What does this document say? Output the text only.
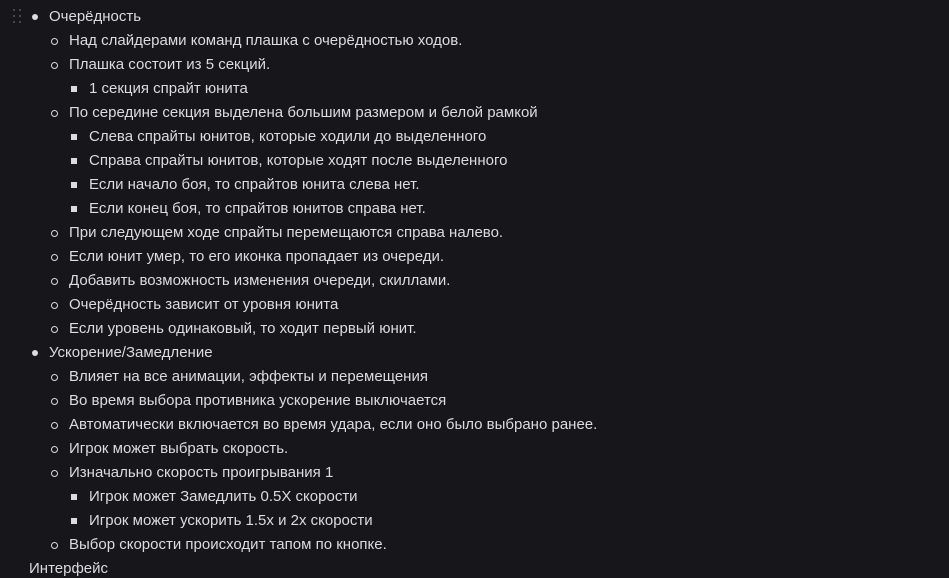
Очерёдность
Над слайдерами команд плашка с очерёдностью ходов.
Плашка состоит из 5 секций.
1 секция спрайт юнита
По середине секция выделена большим размером и белой рамкой
Слева спрайты юнитов, которые ходили до выделенного
Справа спрайты юнитов, которые ходят после выделенного
Если начало боя, то спрайтов юнита слева нет.
Если конец боя, то спрайтов юнитов справа нет.
При следующем ходе спрайты перемещаются справа налево.
Если юнит умер, то его иконка пропадает из очереди.
Добавить возможность изменения очереди, скиллами.
Очерёдность зависит от уровня юнита
Если уровень одинаковый, то ходит первый юнит.
Ускорение/Замедление
Влияет на все анимации, эффекты и перемещения
Во время выбора противника ускорение выключается
Автоматически включается во время удара, если оно было выбрано ранее.
Игрок может выбрать скорость.
Изначально скорость проигрывания 1
Игрок может Замедлить 0.5X скорости
Игрок может ускорить 1.5x и 2x скорости
Выбор скорости происходит тапом по кнопке.
Интерфейс
